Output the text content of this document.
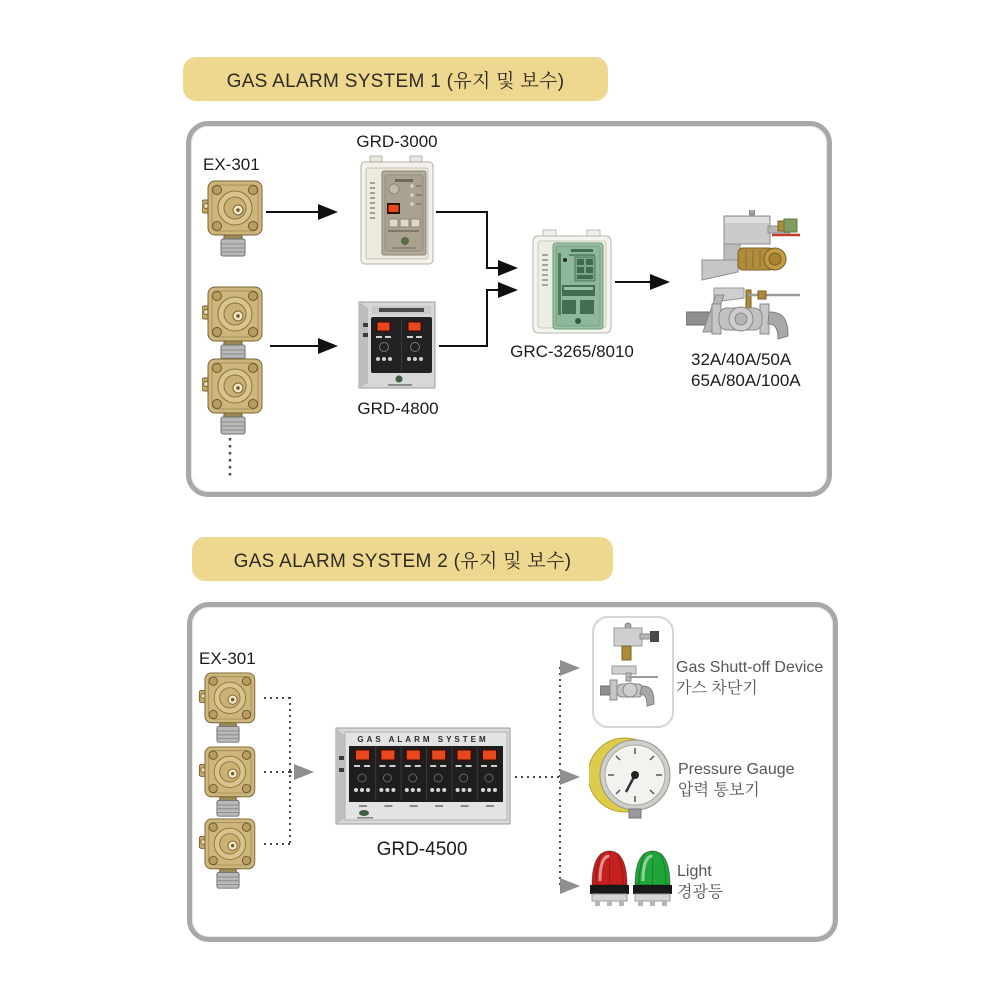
GAS ALARM SYSTEM 1 (유지 및 보수)
EX-301
GRD-3000
GRD-4800
GRC-3265/8010	32A/40A/50A
65A/80A/100A
GAS ALARM SYSTEM 2 (유지 및 보수)
EX-301
GAS ALARM SYSTEM
GRD-4500
Gas Shutt-off Device
가스 차단기
Pressure Gauge
압력 통보기
Light
경광등
